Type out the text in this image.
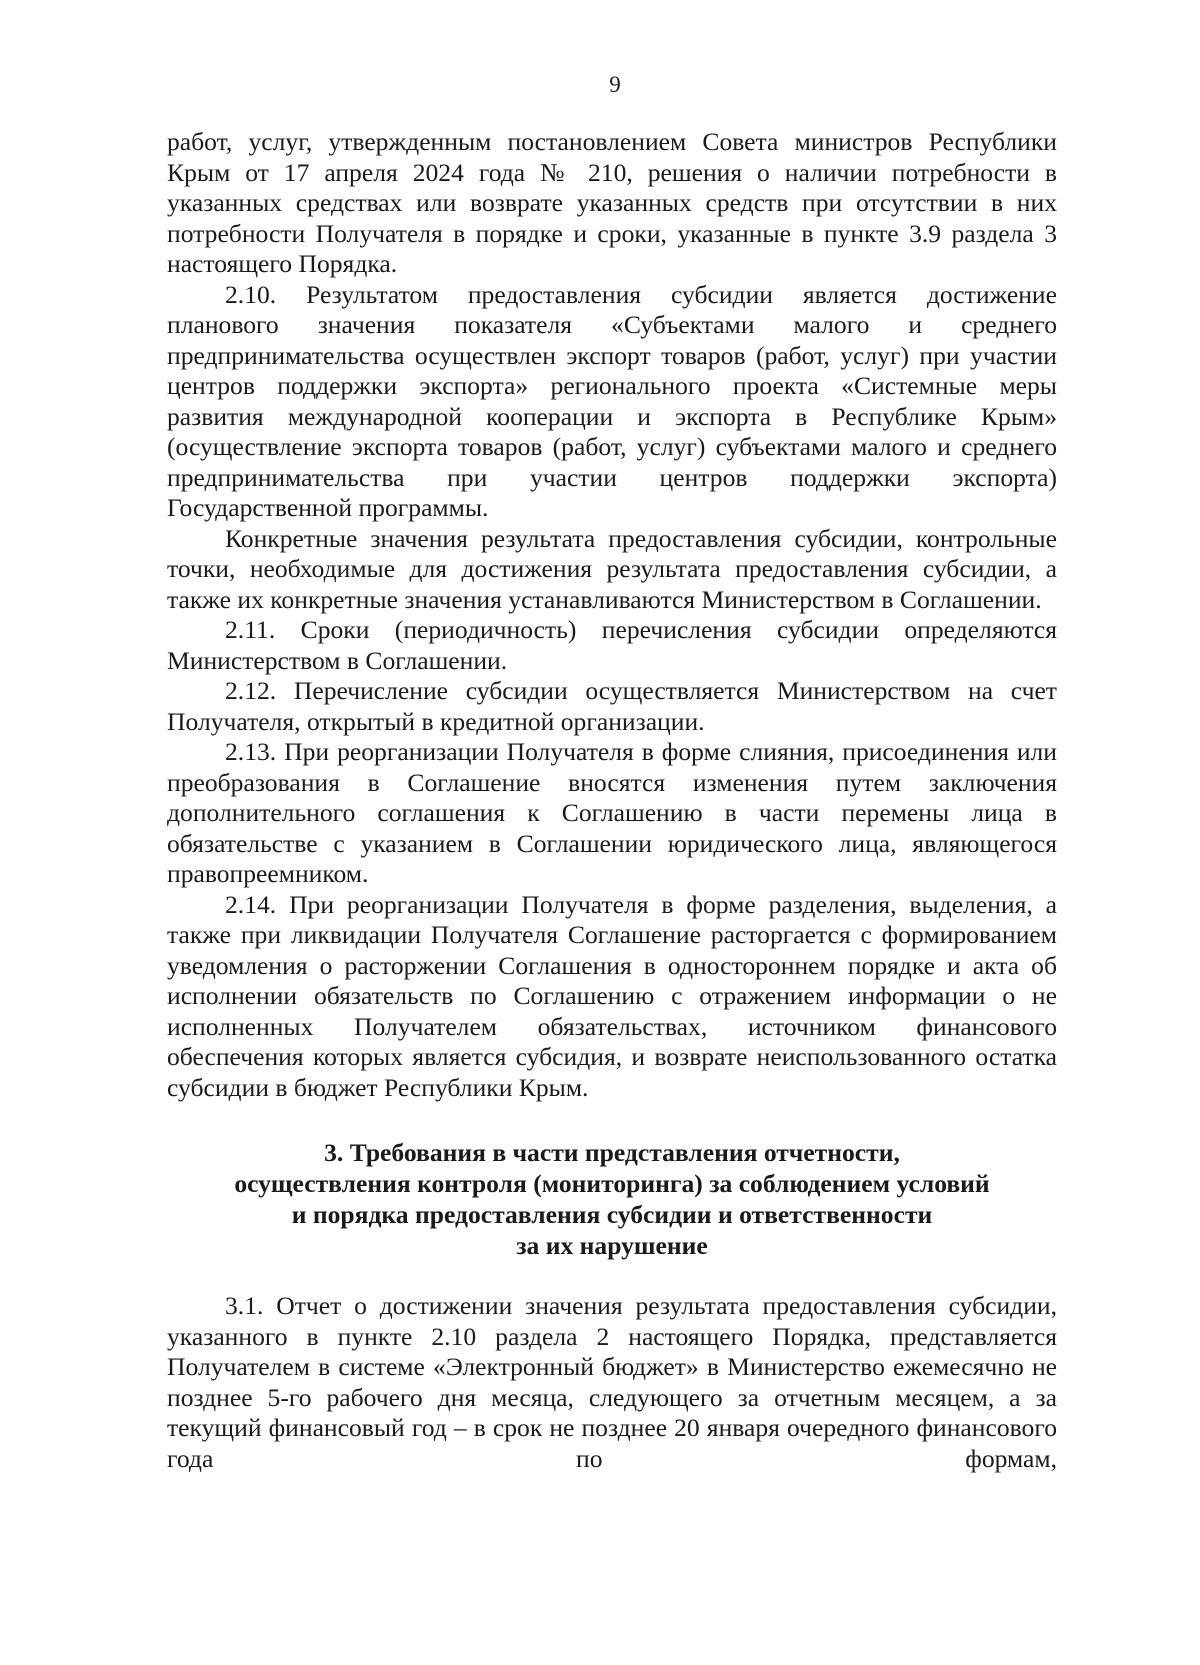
9

работ, услуг, утвержденным постановлением Совета министров Республики Крым от 17 апреля 2024 года № 210, решения о наличии потребности в указанных средствах или возврате указанных средств при отсутствии в них потребности Получателя в порядке и сроки, указанные в пункте 3.9 раздела 3 настоящего Порядка.

2.10. Результатом предоставления субсидии является достижение планового значения показателя «Субъектами малого и среднего предпринимательства осуществлен экспорт товаров (работ, услуг) при участии центров поддержки экспорта» регионального проекта «Системные меры развития международной кооперации и экспорта в Республике Крым» (осуществление экспорта товаров (работ, услуг) субъектами малого и среднего предпринимательства при участии центров поддержки экспорта) Государственной программы.

Конкретные значения результата предоставления субсидии, контрольные точки, необходимые для достижения результата предоставления субсидии, а также их конкретные значения устанавливаются Министерством в Соглашении.

2.11. Сроки (периодичность) перечисления субсидии определяются Министерством в Соглашении.

2.12. Перечисление субсидии осуществляется Министерством на счет Получателя, открытый в кредитной организации.

2.13. При реорганизации Получателя в форме слияния, присоединения или преобразования в Соглашение вносятся изменения путем заключения дополнительного соглашения к Соглашению в части перемены лица в обязательстве с указанием в Соглашении юридического лица, являющегося правопреемником.

2.14. При реорганизации Получателя в форме разделения, выделения, а также при ликвидации Получателя Соглашение расторгается с формированием уведомления о расторжении Соглашения в одностороннем порядке и акта об исполнении обязательств по Соглашению с отражением информации о не исполненных Получателем обязательствах, источником финансового обеспечения которых является субсидия, и возврате неиспользованного остатка субсидии в бюджет Республики Крым.

3. Требования в части представления отчетности,
осуществления контроля (мониторинга) за соблюдением условий
и порядка предоставления субсидии и ответственности
за их нарушение

3.1. Отчет о достижении значения результата предоставления субсидии, указанного в пункте 2.10 раздела 2 настоящего Порядка, представляется Получателем в системе «Электронный бюджет» в Министерство ежемесячно не позднее 5-го рабочего дня месяца, следующего за отчетным месяцем, а за текущий финансовый год – в срок не позднее 20 января очередного финансового года по формам,
